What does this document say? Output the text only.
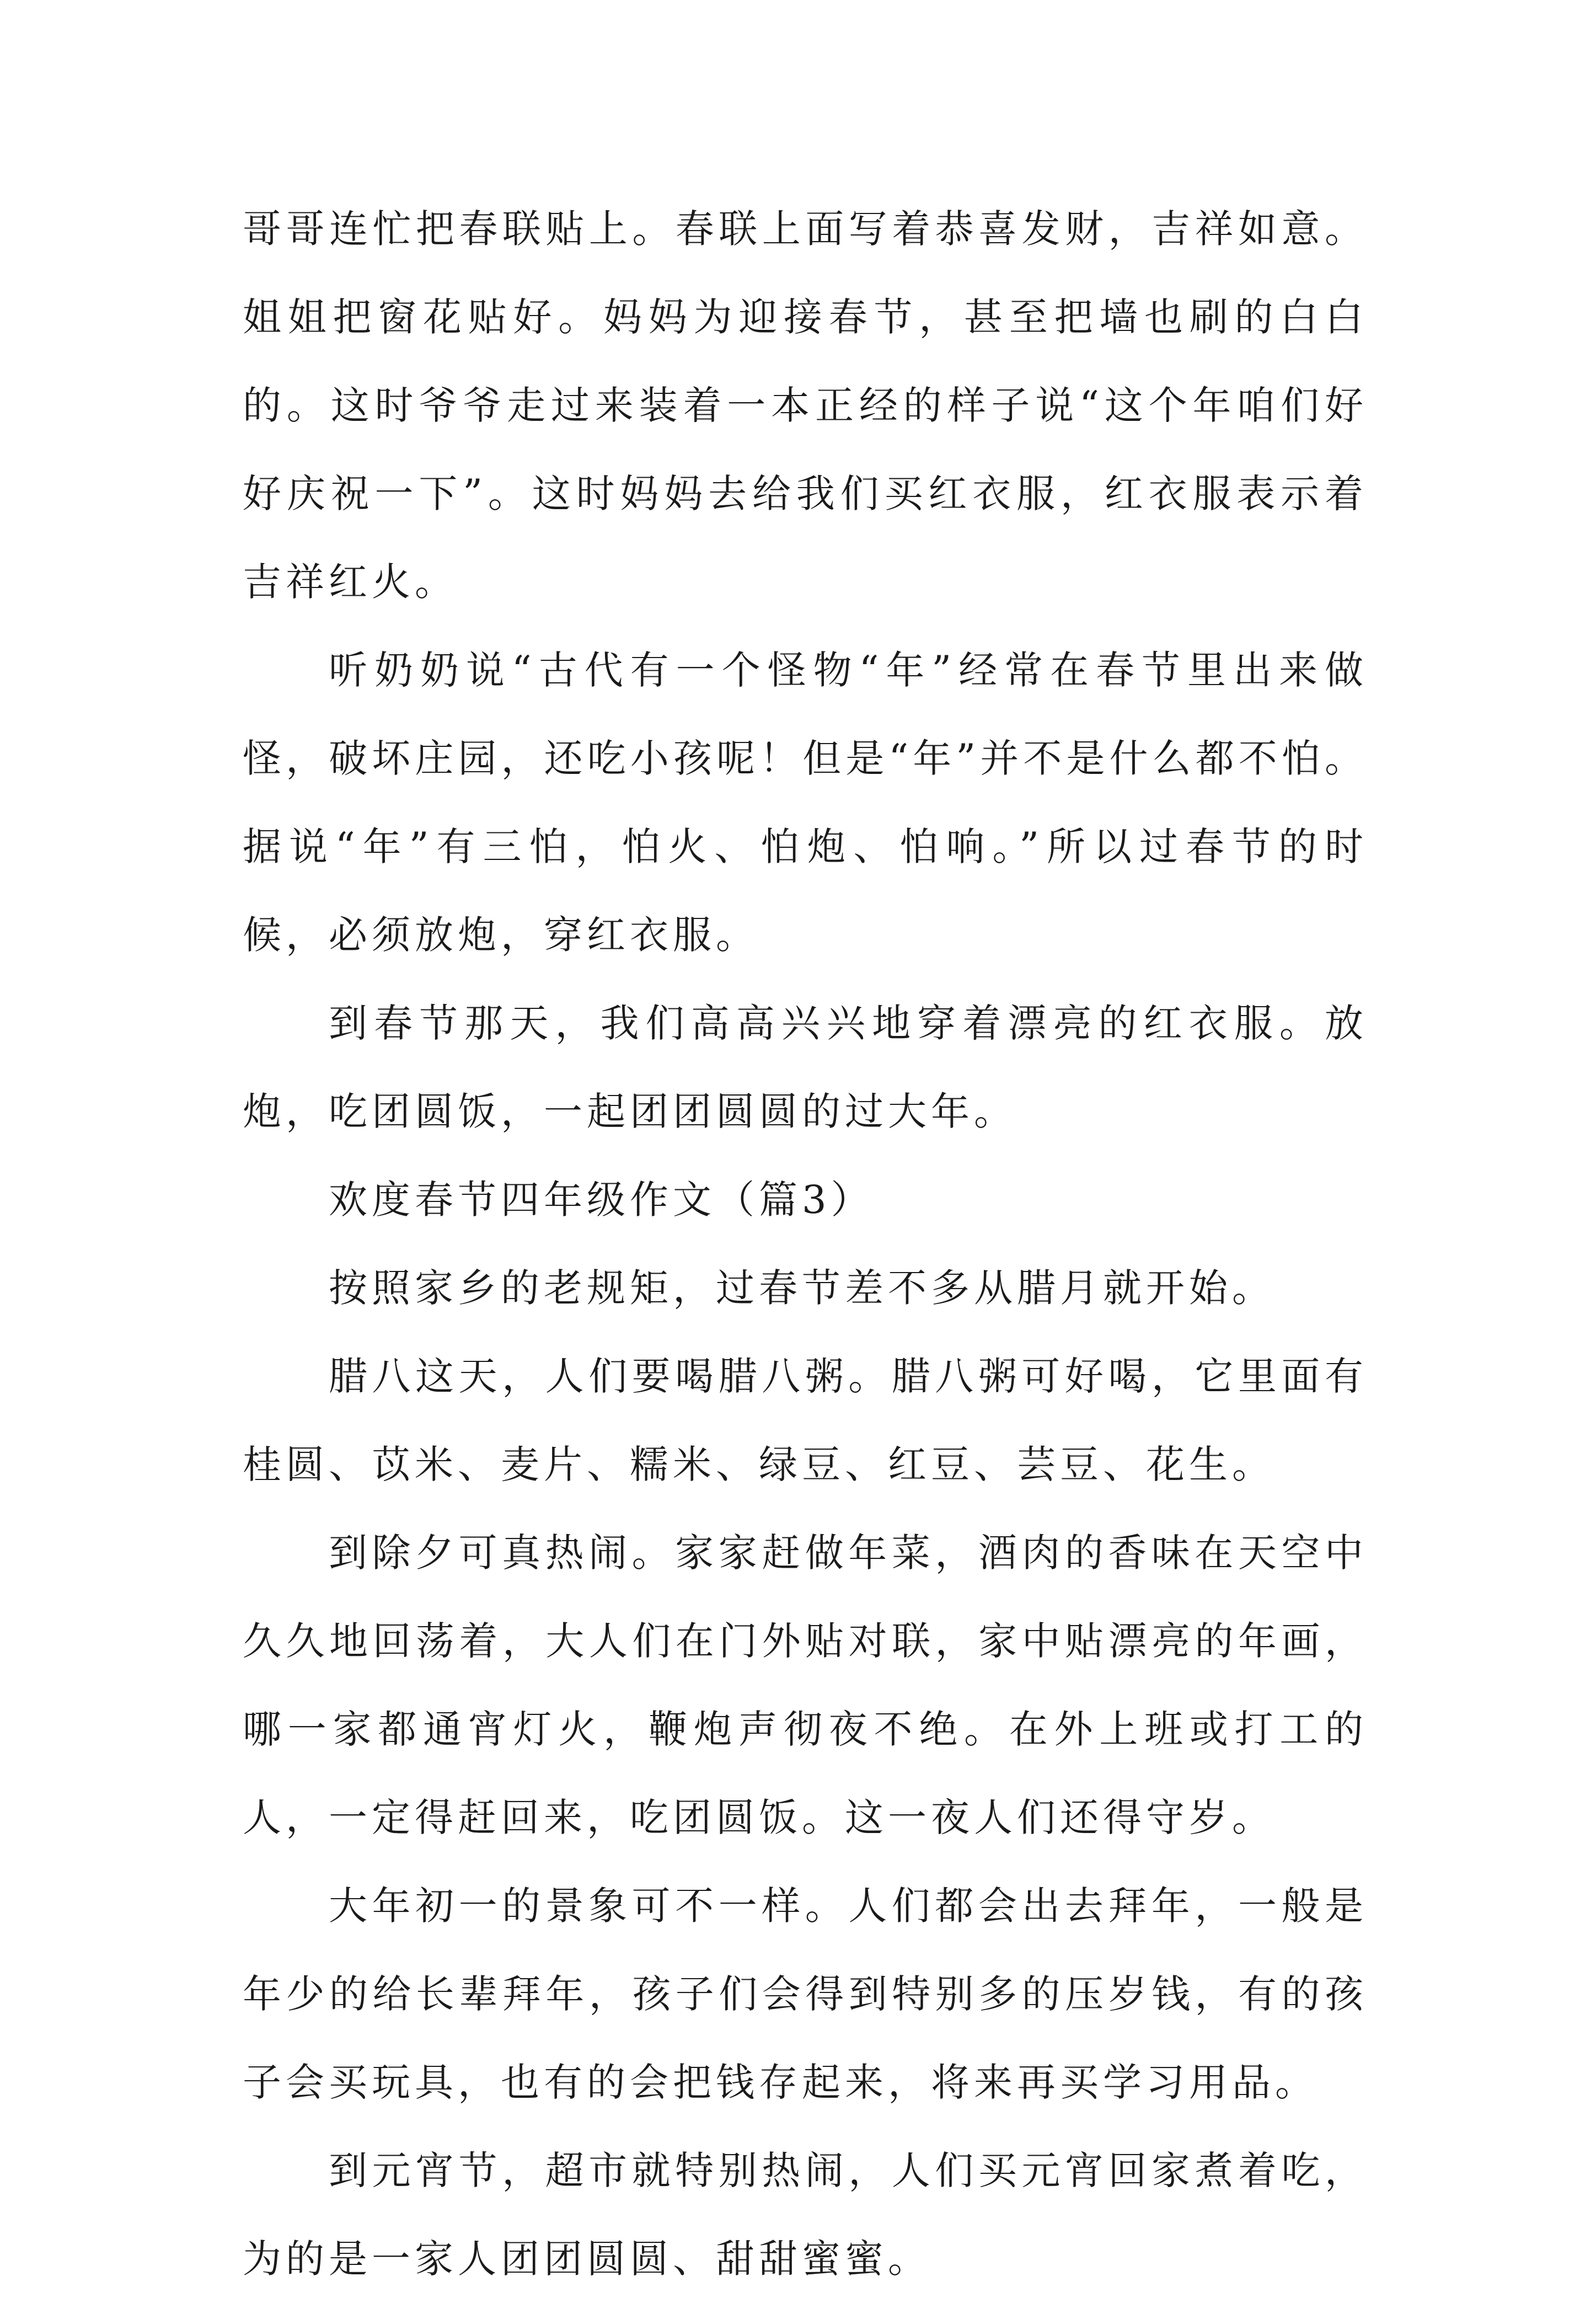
哥哥连忙把春联贴上。春联上面写着恭喜发财，吉祥如意。姐姐把窗花贴好。妈妈为迎接春节，甚至把墙也刷的白白的。这时爷爷走过来装着一本正经的样子说“这个年咱们好好庆祝一下”。这时妈妈去给我们买红衣服，红衣服表示着吉祥红火。

听奶奶说“古代有一个怪物“年”经常在春节里出来做怪，破坏庄园，还吃小孩呢！但是“年”并不是什么都不怕。据说“年”有三怕，怕火、怕炮、怕响。”所以过春节的时候，必须放炮，穿红衣服。

到春节那天，我们高高兴兴地穿着漂亮的红衣服。放炮，吃团圆饭，一起团团圆圆的过大年。

欢度春节四年级作文（篇3）

按照家乡的老规矩，过春节差不多从腊月就开始。

腊八这天，人们要喝腊八粥。腊八粥可好喝，它里面有桂圆、苡米、麦片、糯米、绿豆、红豆、芸豆、花生。

到除夕可真热闹。家家赶做年菜，酒肉的香味在天空中久久地回荡着，大人们在门外贴对联，家中贴漂亮的年画，哪一家都通宵灯火，鞭炮声彻夜不绝。在外上班或打工的人，一定得赶回来，吃团圆饭。这一夜人们还得守岁。

大年初一的景象可不一样。人们都会出去拜年，一般是年少的给长辈拜年，孩子们会得到特别多的压岁钱，有的孩子会买玩具，也有的会把钱存起来，将来再买学习用品。

到元宵节，超市就特别热闹，人们买元宵回家煮着吃，为的是一家人团团圆圆、甜甜蜜蜜。
